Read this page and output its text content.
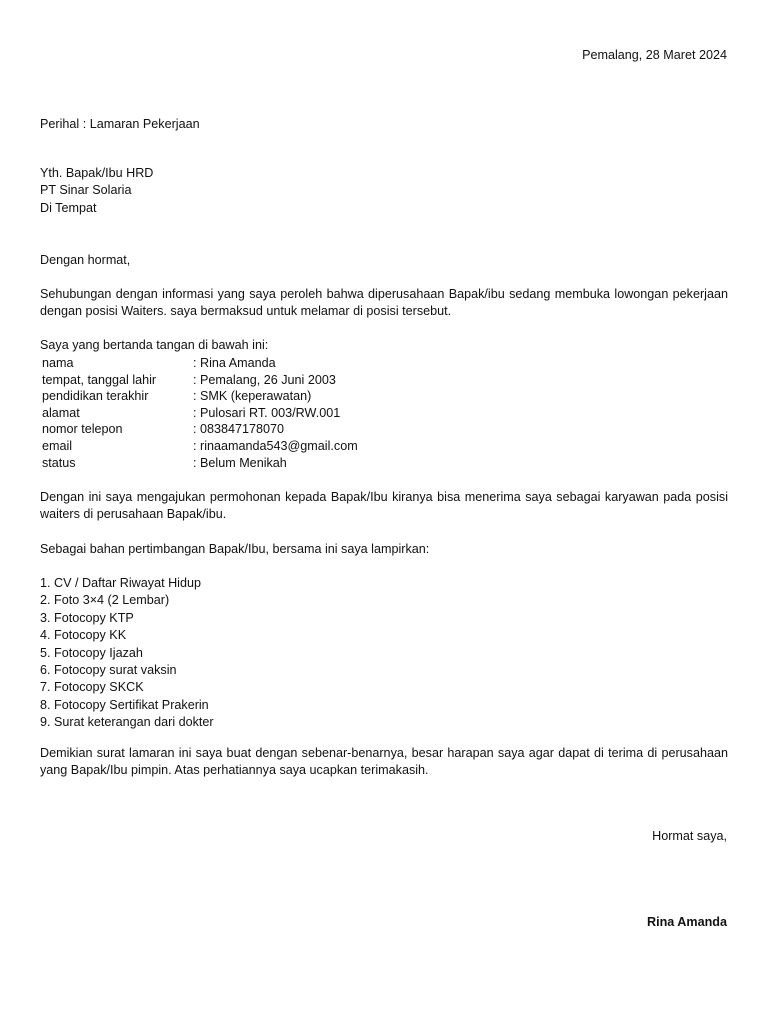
Pemalang, 28 Maret 2024
Perihal : Lamaran Pekerjaan
Yth. Bapak/Ibu HRD
PT Sinar Solaria
Di Tempat
Dengan hormat,
Sehubungan dengan informasi yang saya peroleh bahwa diperusahaan Bapak/ibu sedang membuka lowongan pekerjaan dengan posisi Waiters. saya bermaksud untuk melamar di posisi tersebut.
Saya yang bertanda tangan di bawah ini:
nama	: Rina Amanda
tempat, tanggal lahir	: Pemalang, 26 Juni 2003
pendidikan terakhir	: SMK (keperawatan)
alamat	: Pulosari RT. 003/RW.001
nomor telepon	: 083847178070
email	: rinaamanda543@gmail.com
status	: Belum Menikah
Dengan ini saya mengajukan permohonan kepada Bapak/Ibu kiranya bisa menerima saya sebagai karyawan pada posisi waiters di perusahaan Bapak/ibu.
Sebagai bahan pertimbangan Bapak/Ibu, bersama ini saya lampirkan:
1. CV / Daftar Riwayat Hidup
2. Foto 3×4 (2 Lembar)
3. Fotocopy KTP
4. Fotocopy KK
5. Fotocopy Ijazah
6. Fotocopy surat vaksin
7. Fotocopy SKCK
8. Fotocopy Sertifikat Prakerin
9. Surat keterangan dari dokter
Demikian surat lamaran ini saya buat dengan sebenar-benarnya, besar harapan saya agar dapat di terima di perusahaan yang Bapak/Ibu pimpin. Atas perhatiannya saya ucapkan terimakasih.
Hormat saya,
Rina Amanda
